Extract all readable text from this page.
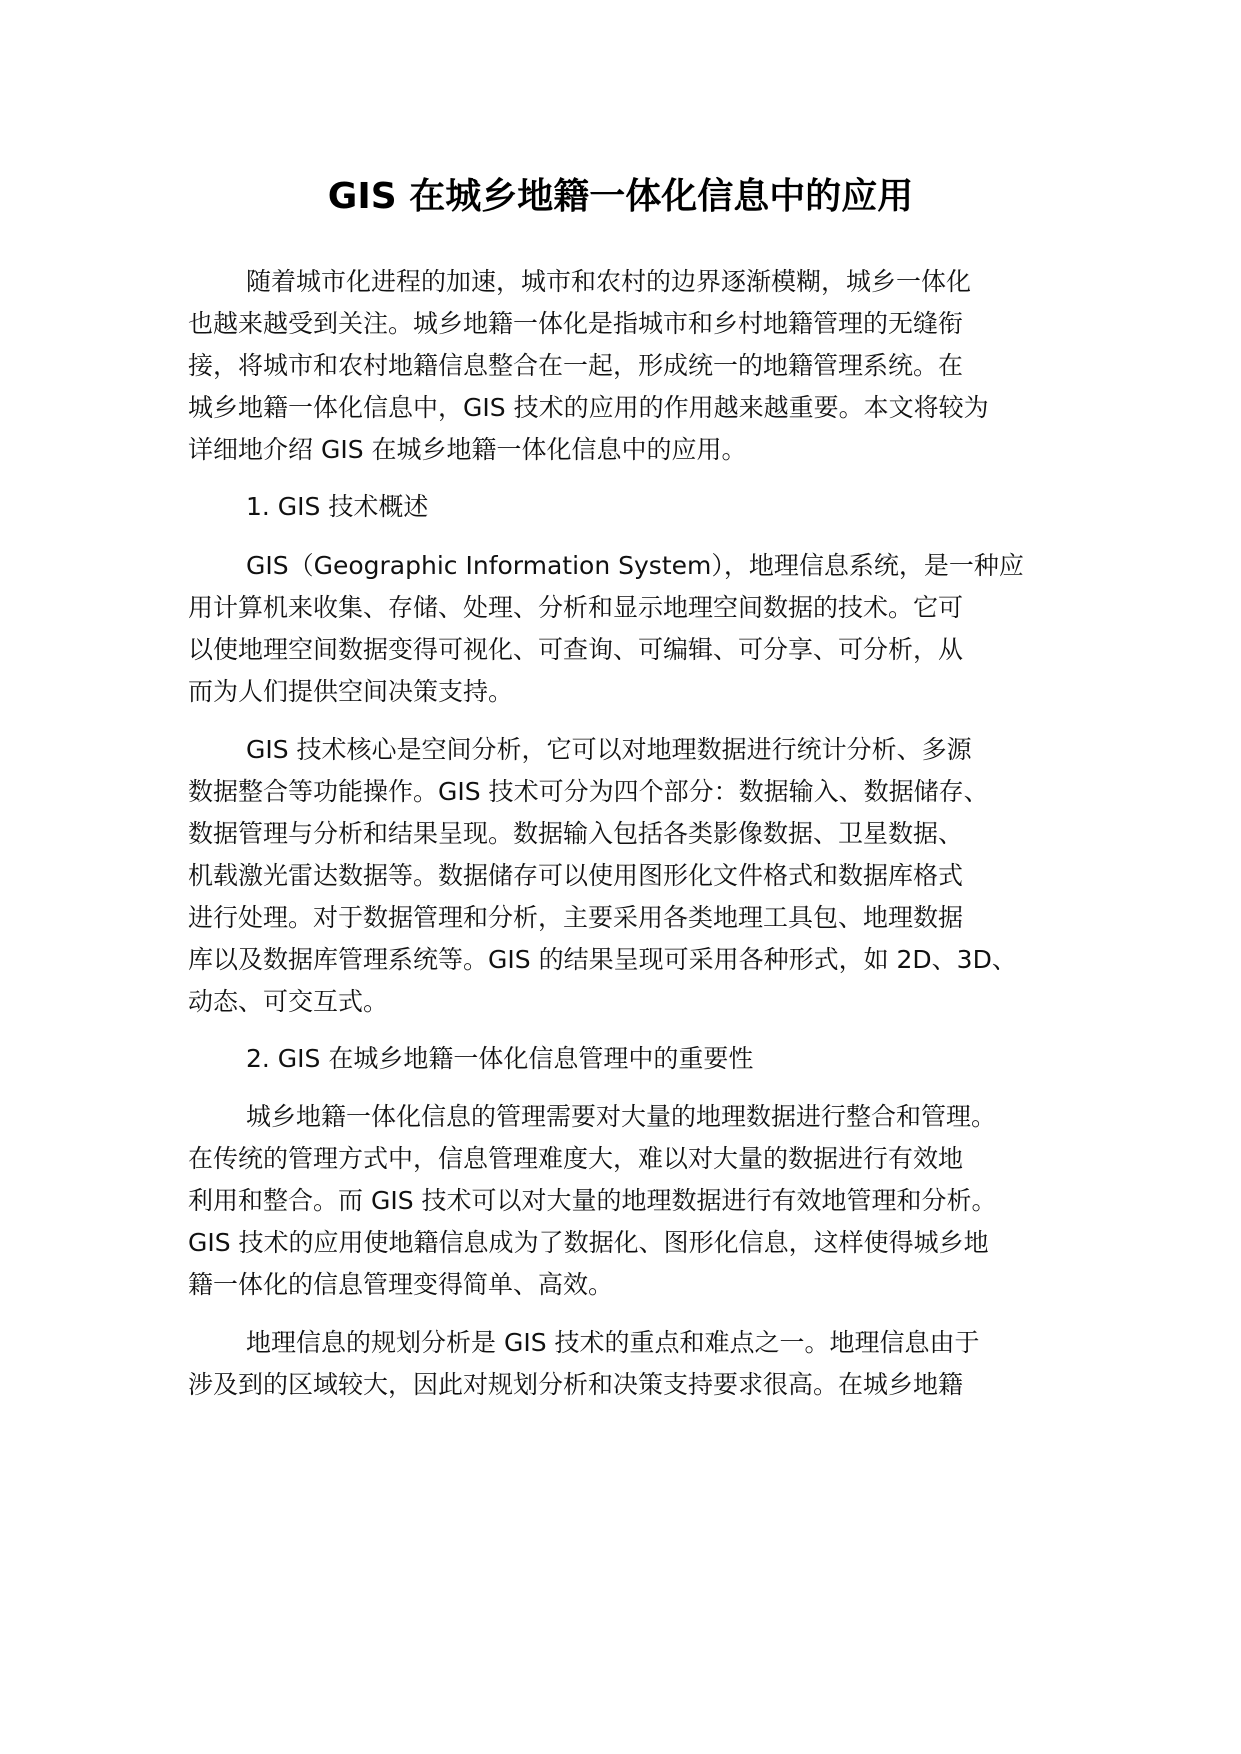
GIS 在城乡地籍一体化信息中的应用

随着城市化进程的加速，城市和农村的边界逐渐模糊，城乡一体化

也越来越受到关注。城乡地籍一体化是指城市和乡村地籍管理的无缝衔

接，将城市和农村地籍信息整合在一起，形成统一的地籍管理系统。在

城乡地籍一体化信息中，GIS 技术的应用的作用越来越重要。本文将较为

详细地介绍 GIS 在城乡地籍一体化信息中的应用。

1. GIS 技术概述

GIS（Geographic Information System），地理信息系统，是一种应

用计算机来收集、存储、处理、分析和显示地理空间数据的技术。它可

以使地理空间数据变得可视化、可查询、可编辑、可分享、可分析，从

而为人们提供空间决策支持。

GIS 技术核心是空间分析，它可以对地理数据进行统计分析、多源

数据整合等功能操作。GIS 技术可分为四个部分：数据输入、数据储存、

数据管理与分析和结果呈现。数据输入包括各类影像数据、卫星数据、

机载激光雷达数据等。数据储存可以使用图形化文件格式和数据库格式

进行处理。对于数据管理和分析，主要采用各类地理工具包、地理数据

库以及数据库管理系统等。GIS 的结果呈现可采用各种形式，如 2D、3D、

动态、可交互式。

2. GIS 在城乡地籍一体化信息管理中的重要性

城乡地籍一体化信息的管理需要对大量的地理数据进行整合和管理。

在传统的管理方式中，信息管理难度大，难以对大量的数据进行有效地

利用和整合。而 GIS 技术可以对大量的地理数据进行有效地管理和分析。

GIS 技术的应用使地籍信息成为了数据化、图形化信息，这样使得城乡地

籍一体化的信息管理变得简单、高效。

地理信息的规划分析是 GIS 技术的重点和难点之一。地理信息由于

涉及到的区域较大，因此对规划分析和决策支持要求很高。在城乡地籍
